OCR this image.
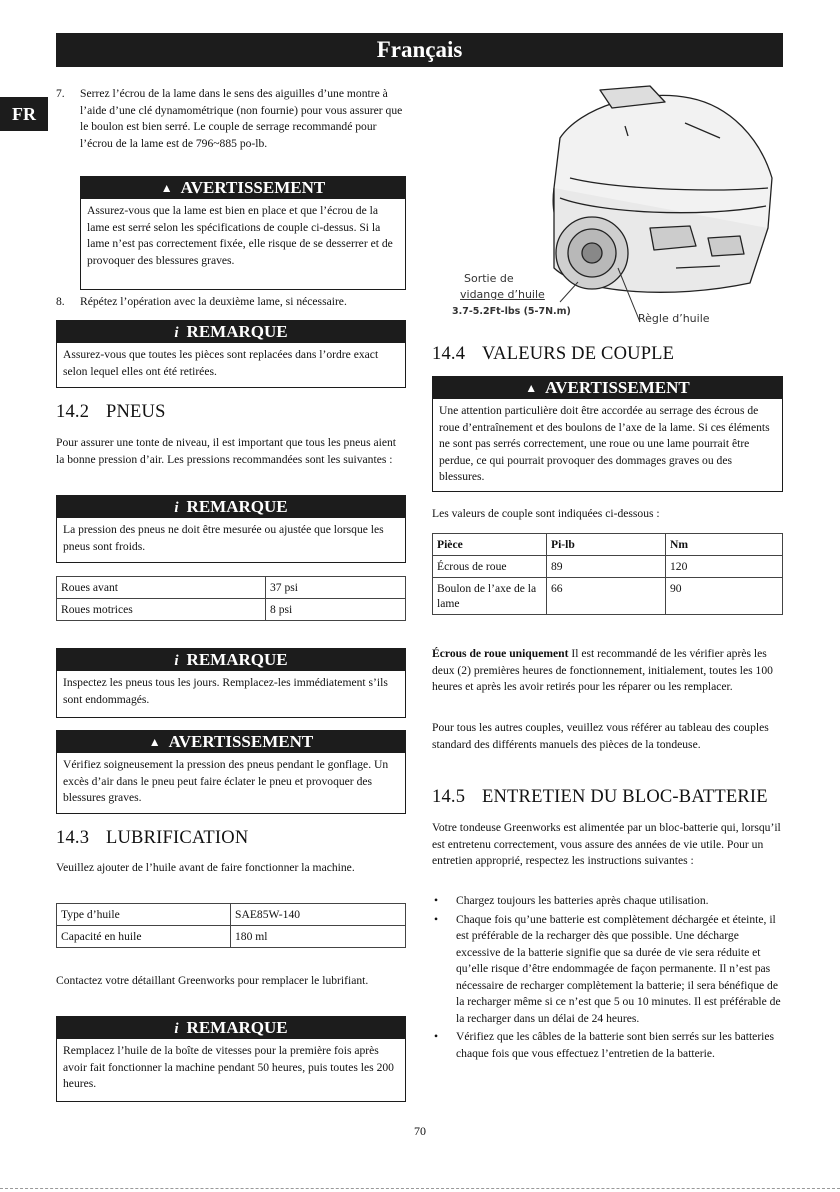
Français
FR
7.	Serrez l’écrou de la lame dans le sens des aiguilles d’une montre à l’aide d’une clé dynamométrique (non fournie) pour vous assurer que le boulon est bien serré. Le couple de serrage recommandé pour l’écrou de la lame est de 796~885 po-lb.
▲ AVERTISSEMENT
Assurez-vous que la lame est bien en place et que l’écrou de la lame est serré selon les spécifications de couple ci-dessus. Si la lame n’est pas correctement fixée, elle risque de se desserrer et de provoquer des blessures graves.
8.	Répétez l’opération avec la deuxième lame, si nécessaire.
i REMARQUE
Assurez-vous que toutes les pièces sont replacées dans l’ordre exact selon lequel elles ont été retirées.
14.2 PNEUS

Pour assurer une tonte de niveau, il est important que tous les pneus aient la bonne pression d’air. Les pressions recommandées sont les suivantes :

i REMARQUE
La pression des pneus ne doit être mesurée ou ajustée que lorsque les pneus sont froids.
Roues avant	37 psi
Roues motrices	8 psi
i REMARQUE
Inspectez les pneus tous les jours. Remplacez-les immédiatement s’ils sont endommagés.
▲ AVERTISSEMENT
Vérifiez soigneusement la pression des pneus pendant le gonflage. Un excès d’air dans le pneu peut faire éclater le pneu et provoquer des blessures graves.
14.3 LUBRIFICATION

Veuillez ajouter de l’huile avant de faire fonctionner la machine.

Type d’huile	SAE85W-140
Capacité en huile	180 ml

Contactez votre détaillant Greenworks pour remplacer le lubrifiant.

i REMARQUE
Remplacez l’huile de la boîte de vitesses pour la première fois après avoir fait fonctionner la machine pendant 50 heures, puis toutes les 200 heures.
Sortie de
vidange d’huile
3.7-5.2Ft-lbs (5-7N.m)
Règle d’huile
14.4 VALEURS DE COUPLE
▲ AVERTISSEMENT
Une attention particulière doit être accordée au serrage des écrous de roue d’entraînement et des boulons de l’axe de la lame. Si ces éléments ne sont pas serrés correctement, une roue ou une lame pourrait être perdue, ce qui pourrait provoquer des dommages graves ou des blessures.

Les valeurs de couple sont indiquées ci-dessous :

Pièce	Pi-lb	Nm
Écrous de roue	89	120
Boulon de l’axe de la lame	66	90

Écrous de roue uniquement Il est recommandé de les vérifier après les deux (2) premières heures de fonctionnement, initialement, toutes les 100 heures et après les avoir retirés pour les réparer ou les remplacer.

Pour tous les autres couples, veuillez vous référer au tableau des couples standard des différents manuels des pièces de la tondeuse.

14.5 ENTRETIEN DU BLOC-BATTERIE

Votre tondeuse Greenworks est alimentée par un bloc-batterie qui, lorsqu’il est entretenu correctement, vous assure des années de vie utile. Pour un entretien approprié, respectez les instructions suivantes :

• Chargez toujours les batteries après chaque utilisation.
• Chaque fois qu’une batterie est complètement déchargée et éteinte, il est préférable de la recharger dès que possible. Une décharge excessive de la batterie signifie que sa durée de vie sera réduite et qu’elle risque d’être endommagée de façon permanente. Il n’est pas nécessaire de recharger complètement la batterie; il sera bénéfique de la recharger même si ce n’est que 5 ou 10 minutes. Il est préférable de la recharger dans un délai de 24 heures.
• Vérifiez que les câbles de la batterie sont bien serrés sur les batteries chaque fois que vous effectuez l’entretien de la batterie.
70
